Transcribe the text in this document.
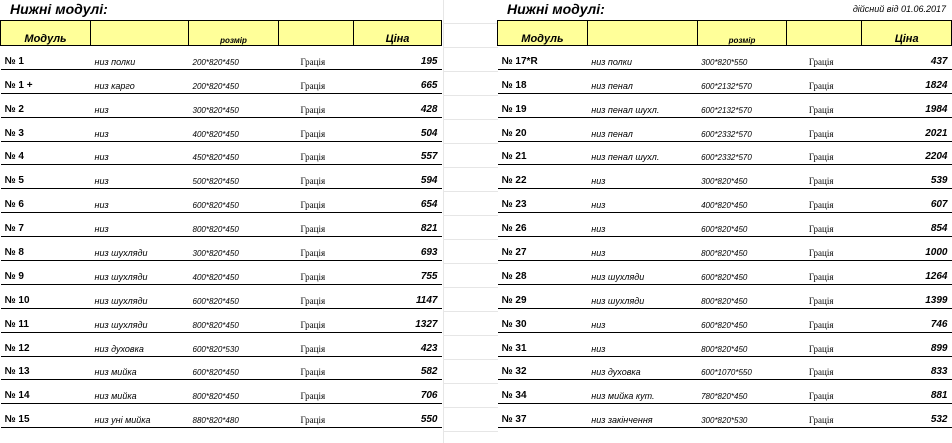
Нижні модулі:
Модуль		розмір		Ціна
№ 1	низ полки	200*820*450	Грація	195
№ 1 +	низ карго	200*820*450	Грація	665
№ 2	низ	300*820*450	Грація	428
№ 3	низ	400*820*450	Грація	504
№ 4	низ	450*820*450	Грація	557
№ 5	низ	500*820*450	Грація	594
№ 6	низ	600*820*450	Грація	654
№ 7	низ	800*820*450	Грація	821
№ 8	низ шухляди	300*820*450	Грація	693
№ 9	низ шухляди	400*820*450	Грація	755
№ 10	низ шухляди	600*820*450	Грація	1147
№ 11	низ шухляди	800*820*450	Грація	1327
№ 12	низ духовка	600*820*530	Грація	423
№ 13	низ мийка	600*820*450	Грація	582
№ 14	низ мийка	800*820*450	Грація	706
№ 15	низ уні мийка	880*820*480	Грація	550
Нижні модулі:	дійсний від 01.06.2017
Модуль		розмір		Ціна
№ 17*R	низ полки	300*820*550	Грація	437
№ 18	низ пенал	600*2132*570	Грація	1824
№ 19	низ пенал шухл.	600*2132*570	Грація	1984
№ 20	низ пенал	600*2332*570	Грація	2021
№ 21	низ пенал шухл.	600*2332*570	Грація	2204
№ 22	низ	300*820*450	Грація	539
№ 23	низ	400*820*450	Грація	607
№ 26	низ	600*820*450	Грація	854
№ 27	низ	800*820*450	Грація	1000
№ 28	низ шухляди	600*820*450	Грація	1264
№ 29	низ шухляди	800*820*450	Грація	1399
№ 30	низ	600*820*450	Грація	746
№ 31	низ	800*820*450	Грація	899
№ 32	низ духовка	600*1070*550	Грація	833
№ 34	низ мийка кут.	780*820*450	Грація	881
№ 37	низ закінчення	300*820*530	Грація	532
